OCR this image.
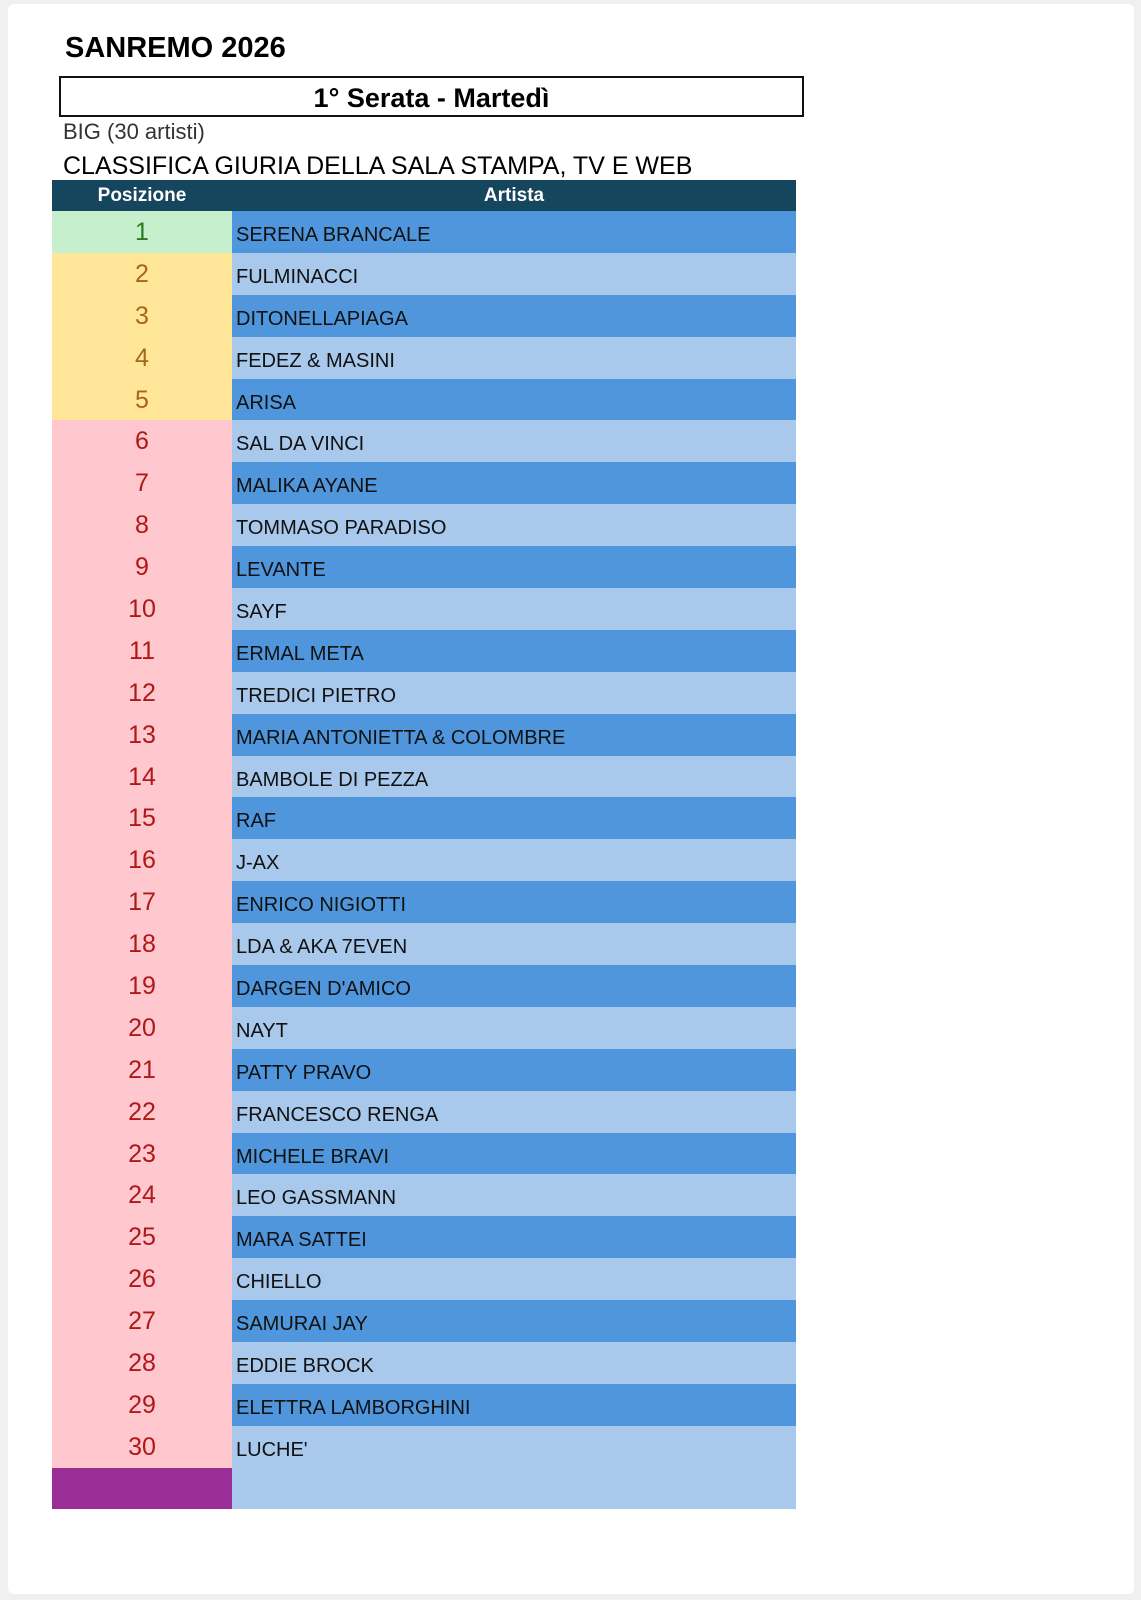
SANREMO 2026
1° Serata - Martedì
BIG (30 artisti)
CLASSIFICA GIURIA DELLA SALA STAMPA, TV E WEB
Posizione	Artista
1	SERENA BRANCALE
2	FULMINACCI
3	DITONELLAPIAGA
4	FEDEZ & MASINI
5	ARISA
6	SAL DA VINCI
7	MALIKA AYANE
8	TOMMASO PARADISO
9	LEVANTE
10	SAYF
11	ERMAL META
12	TREDICI PIETRO
13	MARIA ANTONIETTA & COLOMBRE
14	BAMBOLE DI PEZZA
15	RAF
16	J-AX
17	ENRICO NIGIOTTI
18	LDA & AKA 7EVEN
19	DARGEN D'AMICO
20	NAYT
21	PATTY PRAVO
22	FRANCESCO RENGA
23	MICHELE BRAVI
24	LEO GASSMANN
25	MARA SATTEI
26	CHIELLO
27	SAMURAI JAY
28	EDDIE BROCK
29	ELETTRA LAMBORGHINI
30	LUCHE'
